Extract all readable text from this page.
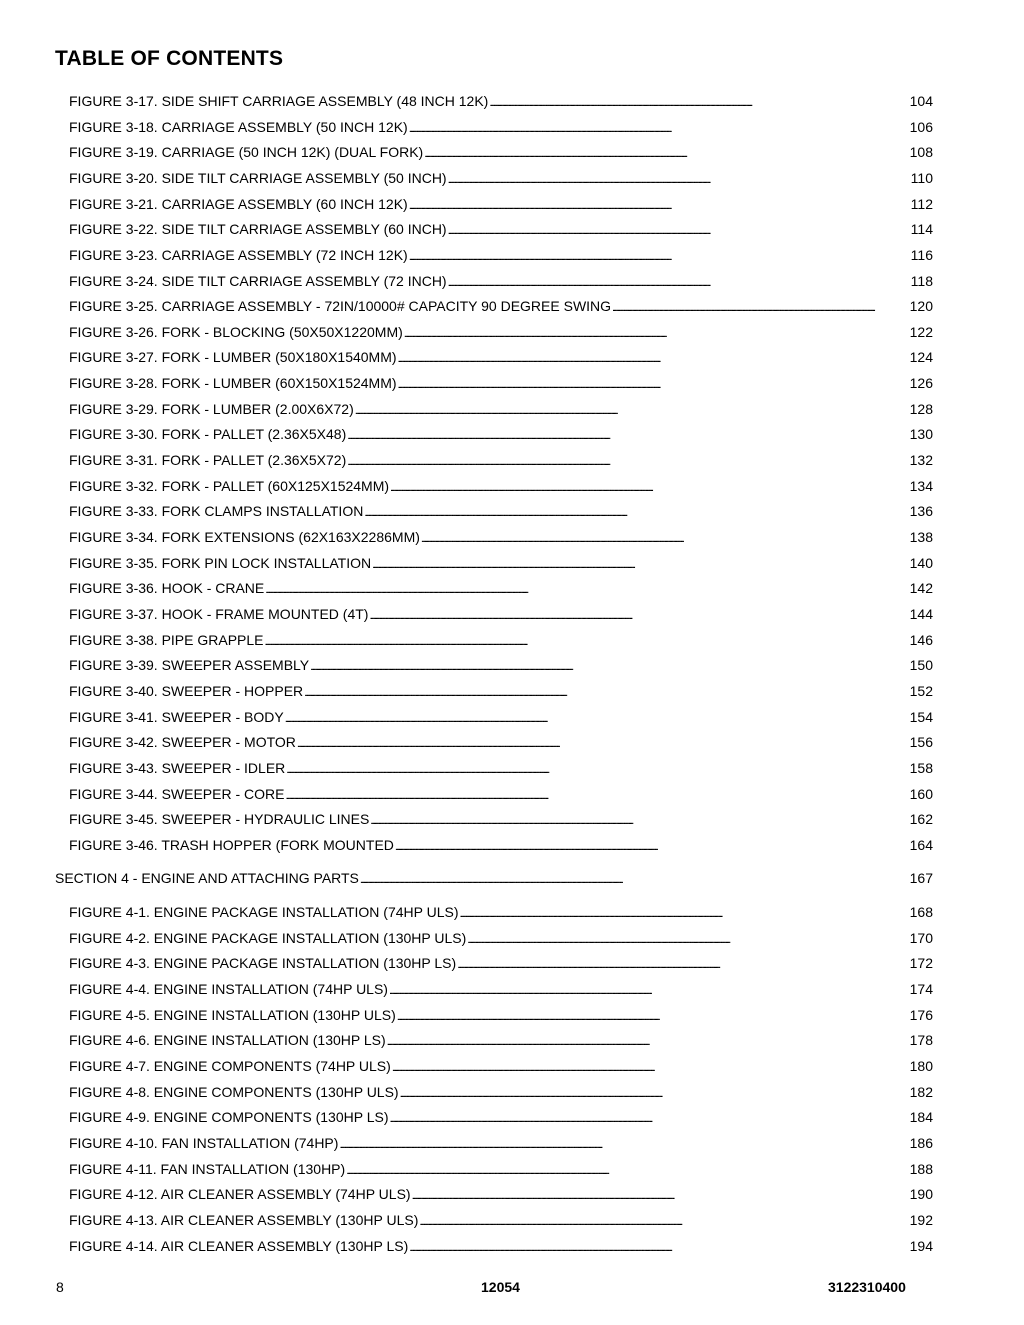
TABLE OF CONTENTS
FIGURE 3-17. SIDE SHIFT CARRIAGE ASSEMBLY (48 INCH 12K) . . .	104
FIGURE 3-18. CARRIAGE ASSEMBLY (50 INCH 12K) . . .	106
FIGURE 3-19. CARRIAGE (50 INCH 12K) (DUAL FORK) . . .	108
FIGURE 3-20. SIDE TILT CARRIAGE ASSEMBLY (50 INCH) . . .	110
FIGURE 3-21. CARRIAGE ASSEMBLY (60 INCH 12K) . . .	112
FIGURE 3-22. SIDE TILT CARRIAGE ASSEMBLY (60 INCH) . . .	114
FIGURE 3-23. CARRIAGE ASSEMBLY (72 INCH 12K) . . .	116
FIGURE 3-24. SIDE TILT CARRIAGE ASSEMBLY (72 INCH) . . .	118
FIGURE 3-25. CARRIAGE ASSEMBLY - 72IN/10000# CAPACITY 90 DEGREE SWING . . .	120
FIGURE 3-26. FORK - BLOCKING (50X50X1220MM) . . .	122
FIGURE 3-27. FORK - LUMBER (50X180X1540MM) . . .	124
FIGURE 3-28. FORK - LUMBER (60X150X1524MM) . . .	126
FIGURE 3-29. FORK - LUMBER (2.00X6X72) . . .	128
FIGURE 3-30. FORK - PALLET (2.36X5X48) . . .	130
FIGURE 3-31. FORK - PALLET (2.36X5X72) . . .	132
FIGURE 3-32. FORK - PALLET (60X125X1524MM) . . .	134
FIGURE 3-33. FORK CLAMPS INSTALLATION . . .	136
FIGURE 3-34. FORK EXTENSIONS (62X163X2286MM) . . .	138
FIGURE 3-35. FORK PIN LOCK INSTALLATION . . .	140
FIGURE 3-36. HOOK - CRANE . . .	142
FIGURE 3-37. HOOK - FRAME MOUNTED (4T) . . .	144
FIGURE 3-38. PIPE GRAPPLE . . .	146
FIGURE 3-39. SWEEPER ASSEMBLY . . .	150
FIGURE 3-40. SWEEPER - HOPPER . . .	152
FIGURE 3-41. SWEEPER - BODY . . .	154
FIGURE 3-42. SWEEPER - MOTOR . . .	156
FIGURE 3-43. SWEEPER - IDLER . . .	158
FIGURE 3-44. SWEEPER - CORE . . .	160
FIGURE 3-45. SWEEPER - HYDRAULIC LINES . . .	162
FIGURE 3-46. TRASH HOPPER (FORK MOUNTED . . .	164
SECTION 4 - ENGINE AND ATTACHING PARTS . . .	167
FIGURE 4-1. ENGINE PACKAGE INSTALLATION (74HP ULS) . . .	168
FIGURE 4-2. ENGINE PACKAGE INSTALLATION (130HP ULS) . . .	170
FIGURE 4-3. ENGINE PACKAGE INSTALLATION (130HP LS) . . .	172
FIGURE 4-4. ENGINE INSTALLATION (74HP ULS) . . .	174
FIGURE 4-5. ENGINE INSTALLATION (130HP ULS) . . .	176
FIGURE 4-6. ENGINE INSTALLATION (130HP LS) . . .	178
FIGURE 4-7. ENGINE COMPONENTS (74HP ULS) . . .	180
FIGURE 4-8. ENGINE COMPONENTS (130HP ULS) . . .	182
FIGURE 4-9. ENGINE COMPONENTS (130HP LS) . . .	184
FIGURE 4-10. FAN INSTALLATION (74HP) . . .	186
FIGURE 4-11. FAN INSTALLATION (130HP) . . .	188
FIGURE 4-12. AIR CLEANER ASSEMBLY (74HP ULS) . . .	190
FIGURE 4-13. AIR CLEANER ASSEMBLY (130HP ULS) . . .	192
FIGURE 4-14. AIR CLEANER ASSEMBLY (130HP LS) . . .	194
8	12054	3122310400
